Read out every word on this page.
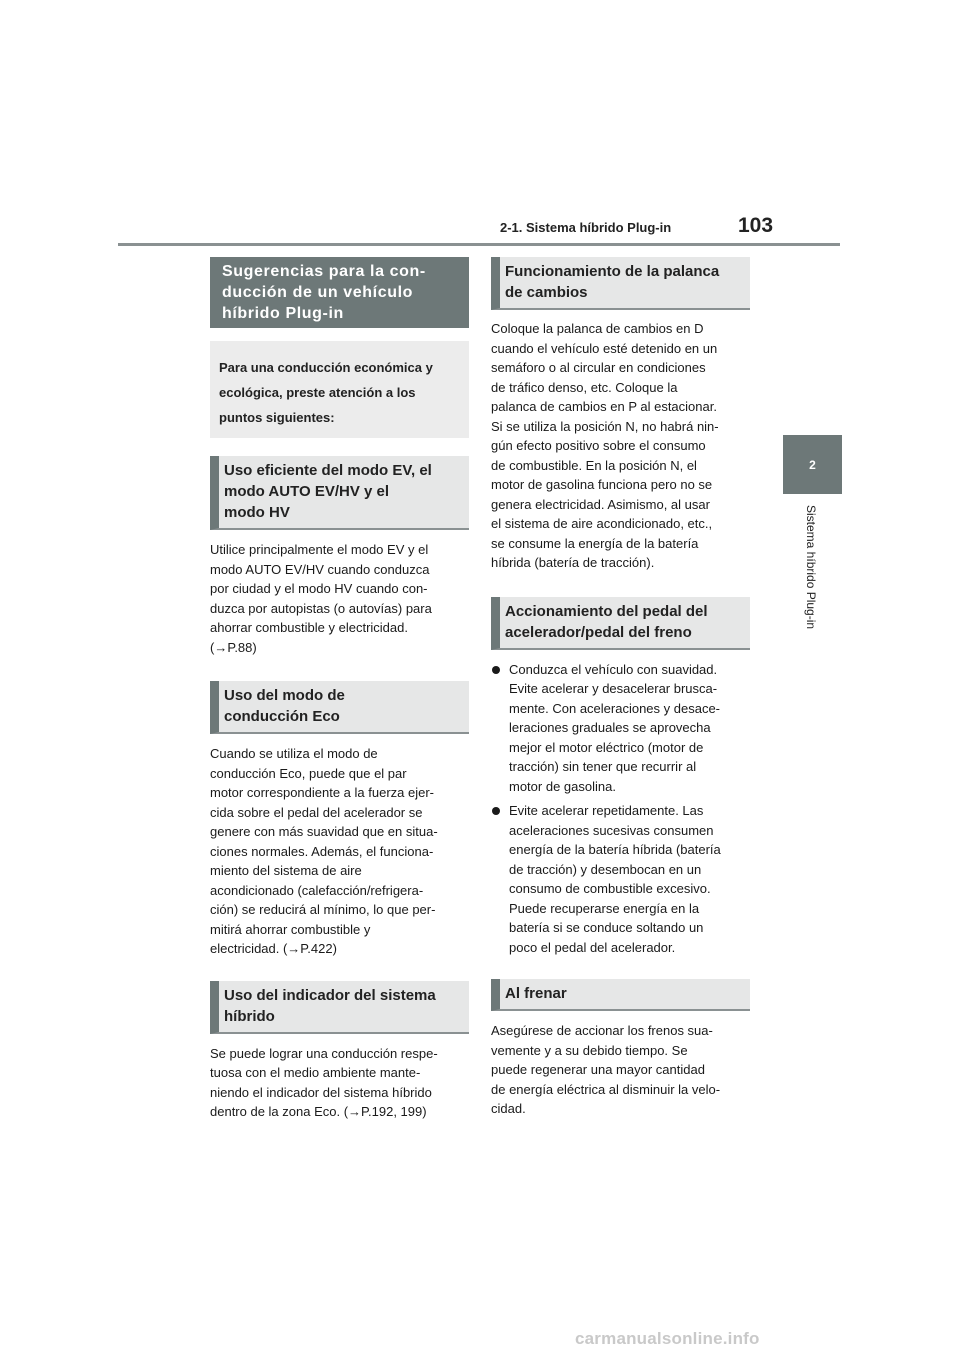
2-1. Sistema híbrido Plug-in	103
2
Sistema híbrido Plug-in
Sugerencias para la con-
ducción de un vehículo
híbrido Plug-in
Para una conducción económica y
ecológica, preste atención a los
puntos siguientes:
Uso eficiente del modo EV, el
modo AUTO EV/HV y el
modo HV
Utilice principalmente el modo EV y el
modo AUTO EV/HV cuando conduzca
por ciudad y el modo HV cuando con-
duzca por autopistas (o autovías) para
ahorrar combustible y electricidad.
(→P.88)
Uso del modo de
conducción Eco
Cuando se utiliza el modo de
conducción Eco, puede que el par
motor correspondiente a la fuerza ejer-
cida sobre el pedal del acelerador se
genere con más suavidad que en situa-
ciones normales. Además, el funciona-
miento del sistema de aire
acondicionado (calefacción/refrigera-
ción) se reducirá al mínimo, lo que per-
mitirá ahorrar combustible y
electricidad. (→P.422)
Uso del indicador del sistema
híbrido
Se puede lograr una conducción respe-
tuosa con el medio ambiente mante-
niendo el indicador del sistema híbrido
dentro de la zona Eco. (→P.192, 199)
Funcionamiento de la palanca
de cambios
Coloque la palanca de cambios en D
cuando el vehículo esté detenido en un
semáforo o al circular en condiciones
de tráfico denso, etc. Coloque la
palanca de cambios en P al estacionar.
Si se utiliza la posición N, no habrá nin-
gún efecto positivo sobre el consumo
de combustible. En la posición N, el
motor de gasolina funciona pero no se
genera electricidad. Asimismo, al usar
el sistema de aire acondicionado, etc.,
se consume la energía de la batería
híbrida (batería de tracción).
Accionamiento del pedal del
acelerador/pedal del freno
Conduzca el vehículo con suavidad.
Evite acelerar y desacelerar brusca-
mente. Con aceleraciones y desace-
leraciones graduales se aprovecha
mejor el motor eléctrico (motor de
tracción) sin tener que recurrir al
motor de gasolina.
Evite acelerar repetidamente. Las
aceleraciones sucesivas consumen
energía de la batería híbrida (batería
de tracción) y desembocan en un
consumo de combustible excesivo.
Puede recuperarse energía en la
batería si se conduce soltando un
poco el pedal del acelerador.
Al frenar
Asegúrese de accionar los frenos sua-
vemente y a su debido tiempo. Se
puede regenerar una mayor cantidad
de energía eléctrica al disminuir la velo-
cidad.
carmanualsonline.info
